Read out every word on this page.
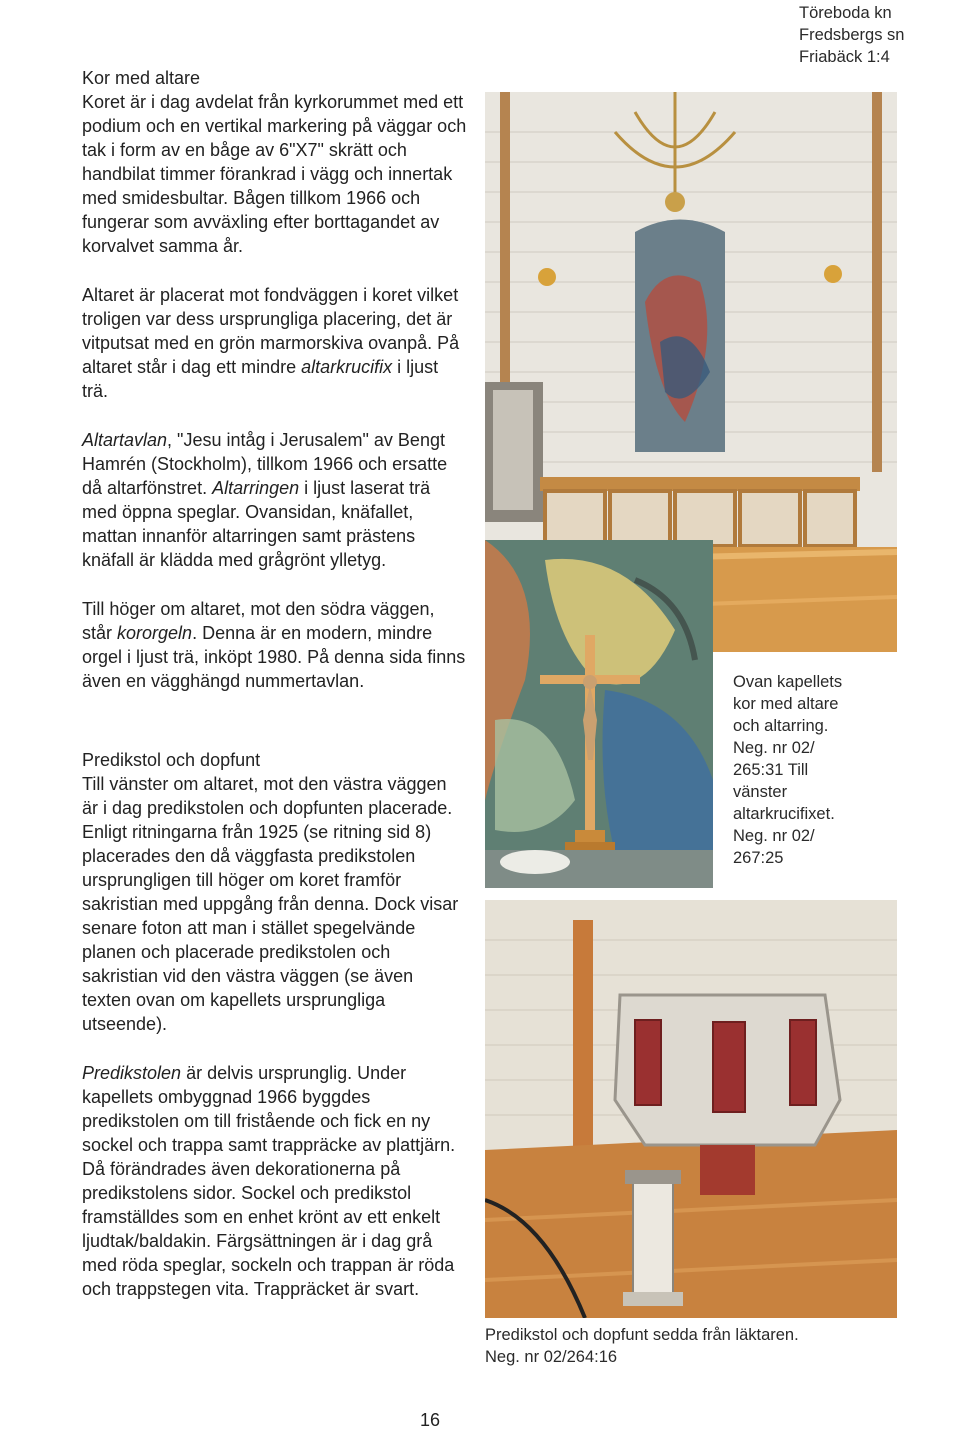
Töreboda kn
Fredsbergs sn
Friabäck 1:4

Kor med altare

Koret är i dag avdelat från kyrkorummet med ett podium och en vertikal markering på väggar och tak i form av en båge av 6"X7" skrätt och handbilat timmer förankrad i vägg och innertak med smidesbultar. Bågen tillkom 1966 och fungerar som avväxling efter borttagandet av korvalvet samma år.

Altaret är placerat mot fondväggen i koret vilket troligen var dess ursprungliga placering, det är vitputsat med en grön marmorskiva ovanpå. På altaret står i dag ett mindre altarkrucifix i ljust trä.

Altartavlan, "Jesu intåg i Jerusalem" av Bengt Hamrén (Stockholm), tillkom 1966 och ersatte då altarfönstret. Altarringen i ljust laserat trä med öppna speglar. Ovansidan, knäfallet, mattan innanför altarringen samt prästens knäfall är klädda med grågrönt ylletyg.

Till höger om altaret, mot den södra väggen, står kororgeln. Denna är en modern, mindre orgel i ljust trä, inköpt 1980. På denna sida finns även en vägghängd nummertavlan.

Predikstol och dopfunt

Till vänster om altaret, mot den västra väggen är i dag predikstolen och dopfunten placerade. Enligt ritningarna från 1925 (se ritning sid 8) placerades den då väggfasta predikstolen ursprungligen till höger om koret framför sakristian med uppgång från denna. Dock visar senare foton att man i stället spegelvände planen och placerade predikstolen och sakristian vid den västra väggen (se även texten ovan om kapellets ursprungliga utseende).

Predikstolen är delvis ursprunglig. Under kapellets ombyggnad 1966 byggdes predikstolen om till fristående och fick en ny sockel och trappa samt trappräcke av plattjärn. Då förändrades även dekorationerna på predikstolens sidor. Sockel och predikstol framställdes som en enhet krönt av ett enkelt ljudtak/baldakin. Färgsättningen är i dag grå med röda speglar, sockeln och trappan är röda och trappstegen vita. Trappräcket är svart.

Ovan kapellets
kor med altare
och altarring.
Neg. nr 02/
265:31 Till
vänster
altarkrucifixet.
Neg. nr 02/
267:25
Predikstol och dopfunt sedda från läktaren.
Neg. nr 02/264:16
16
